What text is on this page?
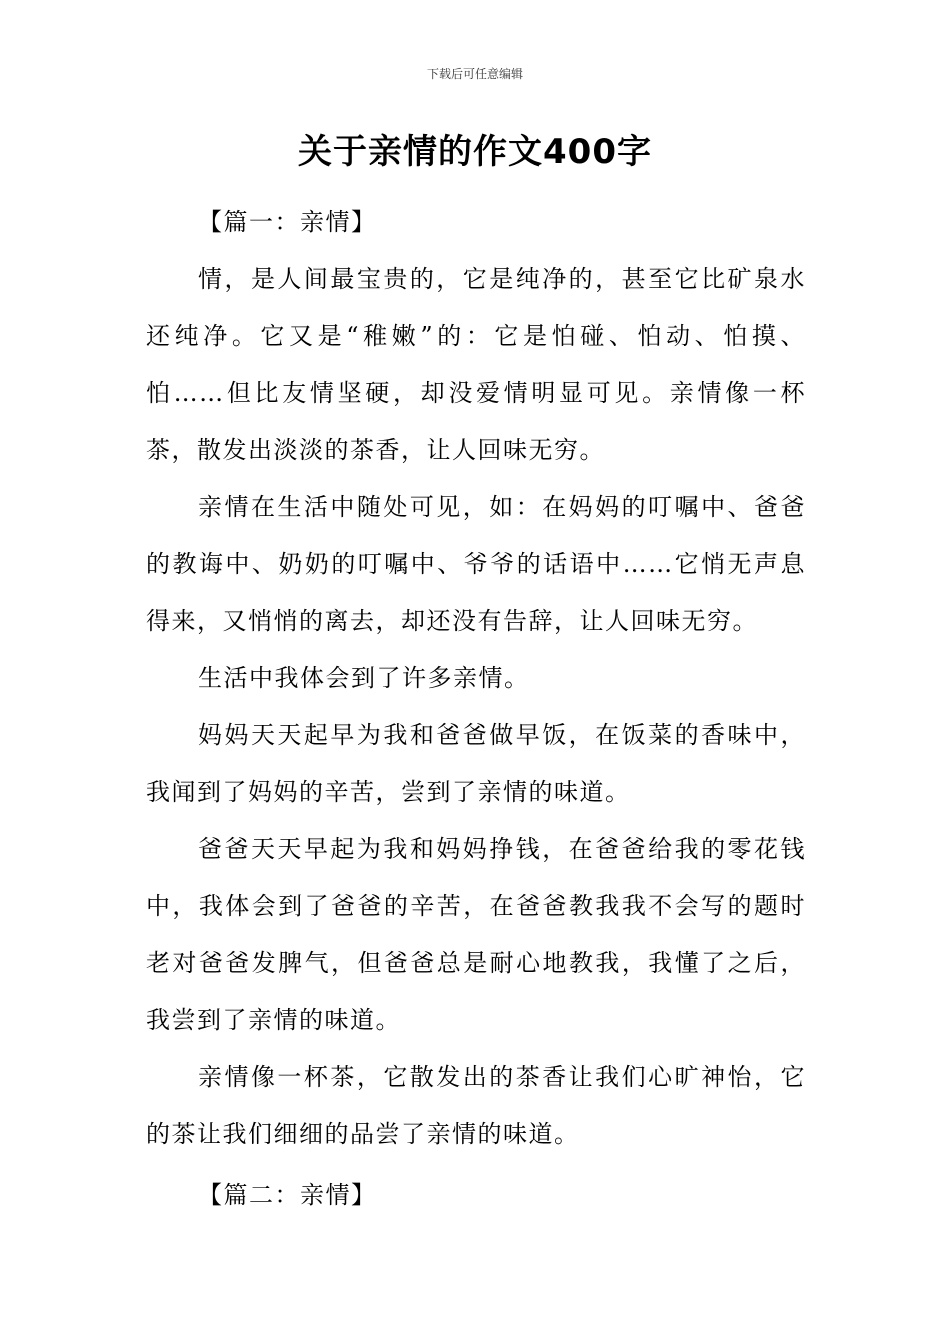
下载后可任意编辑
关于亲情的作文400字

【篇一：亲情】

情，是人间最宝贵的，它是纯净的，甚至它比矿泉水还纯净。它又是“稚嫩”的：它是怕碰、怕动、怕摸、怕……但比友情坚硬，却没爱情明显可见。亲情像一杯茶，散发出淡淡的茶香，让人回味无穷。

亲情在生活中随处可见，如：在妈妈的叮嘱中、爸爸的教诲中、奶奶的叮嘱中、爷爷的话语中……它悄无声息得来，又悄悄的离去，却还没有告辞，让人回味无穷。

生活中我体会到了许多亲情。

妈妈天天起早为我和爸爸做早饭，在饭菜的香味中，我闻到了妈妈的辛苦，尝到了亲情的味道。

爸爸天天早起为我和妈妈挣钱，在爸爸给我的零花钱中，我体会到了爸爸的辛苦，在爸爸教我我不会写的题时老对爸爸发脾气，但爸爸总是耐心地教我，我懂了之后，我尝到了亲情的味道。

亲情像一杯茶，它散发出的茶香让我们心旷神怡，它的茶让我们细细的品尝了亲情的味道。

【篇二：亲情】
